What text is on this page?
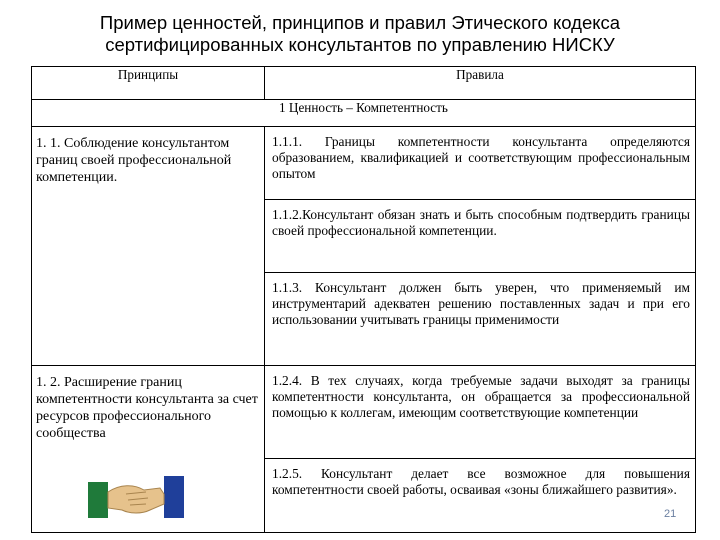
Пример ценностей, принципов и правил Этического кодекса
сертифицированных консультантов по управлению НИСКУ
Принципы	Правила
1 Ценность – Компетентность	
1. 1. Соблюдение консультантом границ своей профессиональной компетенции.	1.1.1. Границы компетентности консультанта определяются образованием, квалификацией и соответствующим профессиональным опытом
	1.1.2.Консультант обязан знать и быть способным подтвердить границы своей профессиональной компетенции.
	1.1.3. Консультант должен быть уверен, что применяемый им инструментарий адекватен решению поставленных задач и при его использовании учитывать границы применимости
1. 2. Расширение границ компетентности консультанта за счет ресурсов профессионального сообщества	1.2.4. В тех случаях, когда требуемые задачи выходят за границы компетентности консультанта, он обращается за профессиональной помощью к коллегам, имеющим соответствующие компетенции
	1.2.5. Консультант делает все возможное для повышения компетентности своей работы, осваивая «зоны ближайшего развития».
21
